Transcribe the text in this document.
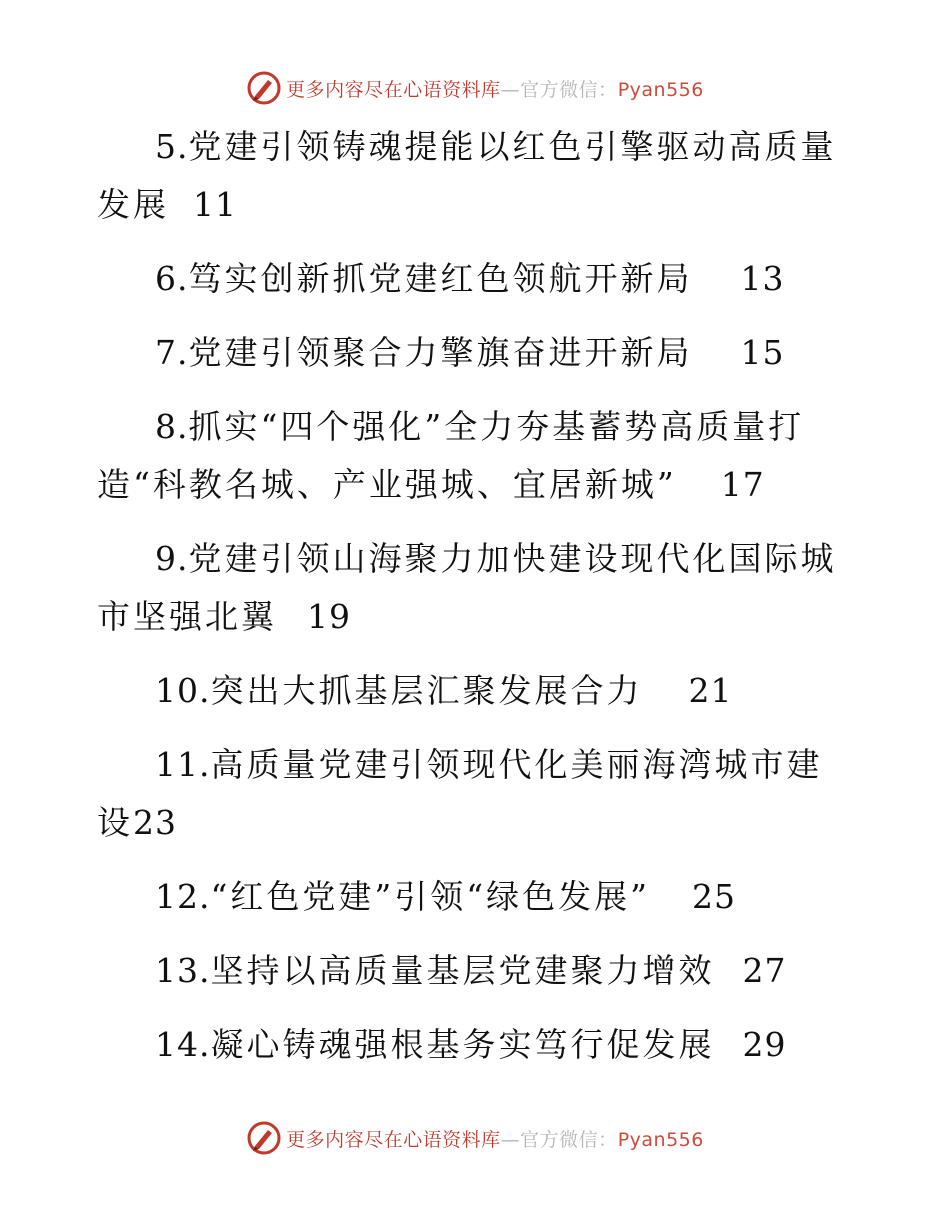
更多内容尽在心语资料库—官方微信：Pyan556
5.党建引领铸魂提能以红色引擎驱动高质量发展 11
6.笃实创新抓党建红色领航开新局 13
7.党建引领聚合力擎旗奋进开新局 15
8.抓实“四个强化”全力夯基蓄势高质量打造“科教名城、产业强城、宜居新城” 17
9.党建引领山海聚力加快建设现代化国际城市坚强北翼 19
10.突出大抓基层汇聚发展合力 21
11.高质量党建引领现代化美丽海湾城市建设23
12.“红色党建”引领“绿色发展” 25
13.坚持以高质量基层党建聚力增效 27
14.凝心铸魂强根基务实笃行促发展 29
更多内容尽在心语资料库—官方微信：Pyan556
